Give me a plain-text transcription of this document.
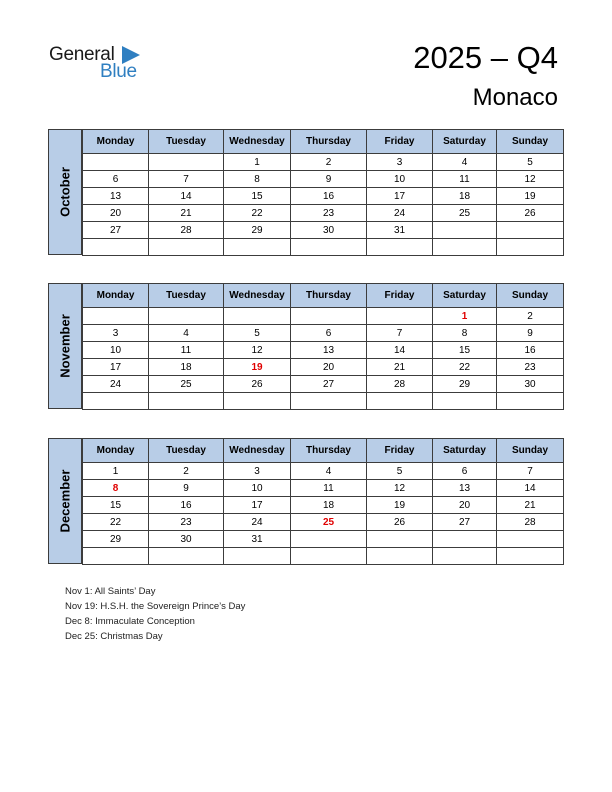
General
Blue	2025 – Q4
Monaco
October
Monday	Tuesday	Wednesday	Thursday	Friday	Saturday	Sunday
		1	2	3	4	5
6	7	8	9	10	11	12
13	14	15	16	17	18	19
20	21	22	23	24	25	26
27	28	29	30	31		

November
Monday	Tuesday	Wednesday	Thursday	Friday	Saturday	Sunday
					1	2
3	4	5	6	7	8	9
10	11	12	13	14	15	16
17	18	19	20	21	22	23
24	25	26	27	28	29	30

December
Monday	Tuesday	Wednesday	Thursday	Friday	Saturday	Sunday
1	2	3	4	5	6	7
8	9	10	11	12	13	14
15	16	17	18	19	20	21
22	23	24	25	26	27	28
29	30	31				

Nov 1: All Saints’ Day
Nov 19: H.S.H. the Sovereign Prince’s Day
Dec 8: Immaculate Conception
Dec 25: Christmas Day
